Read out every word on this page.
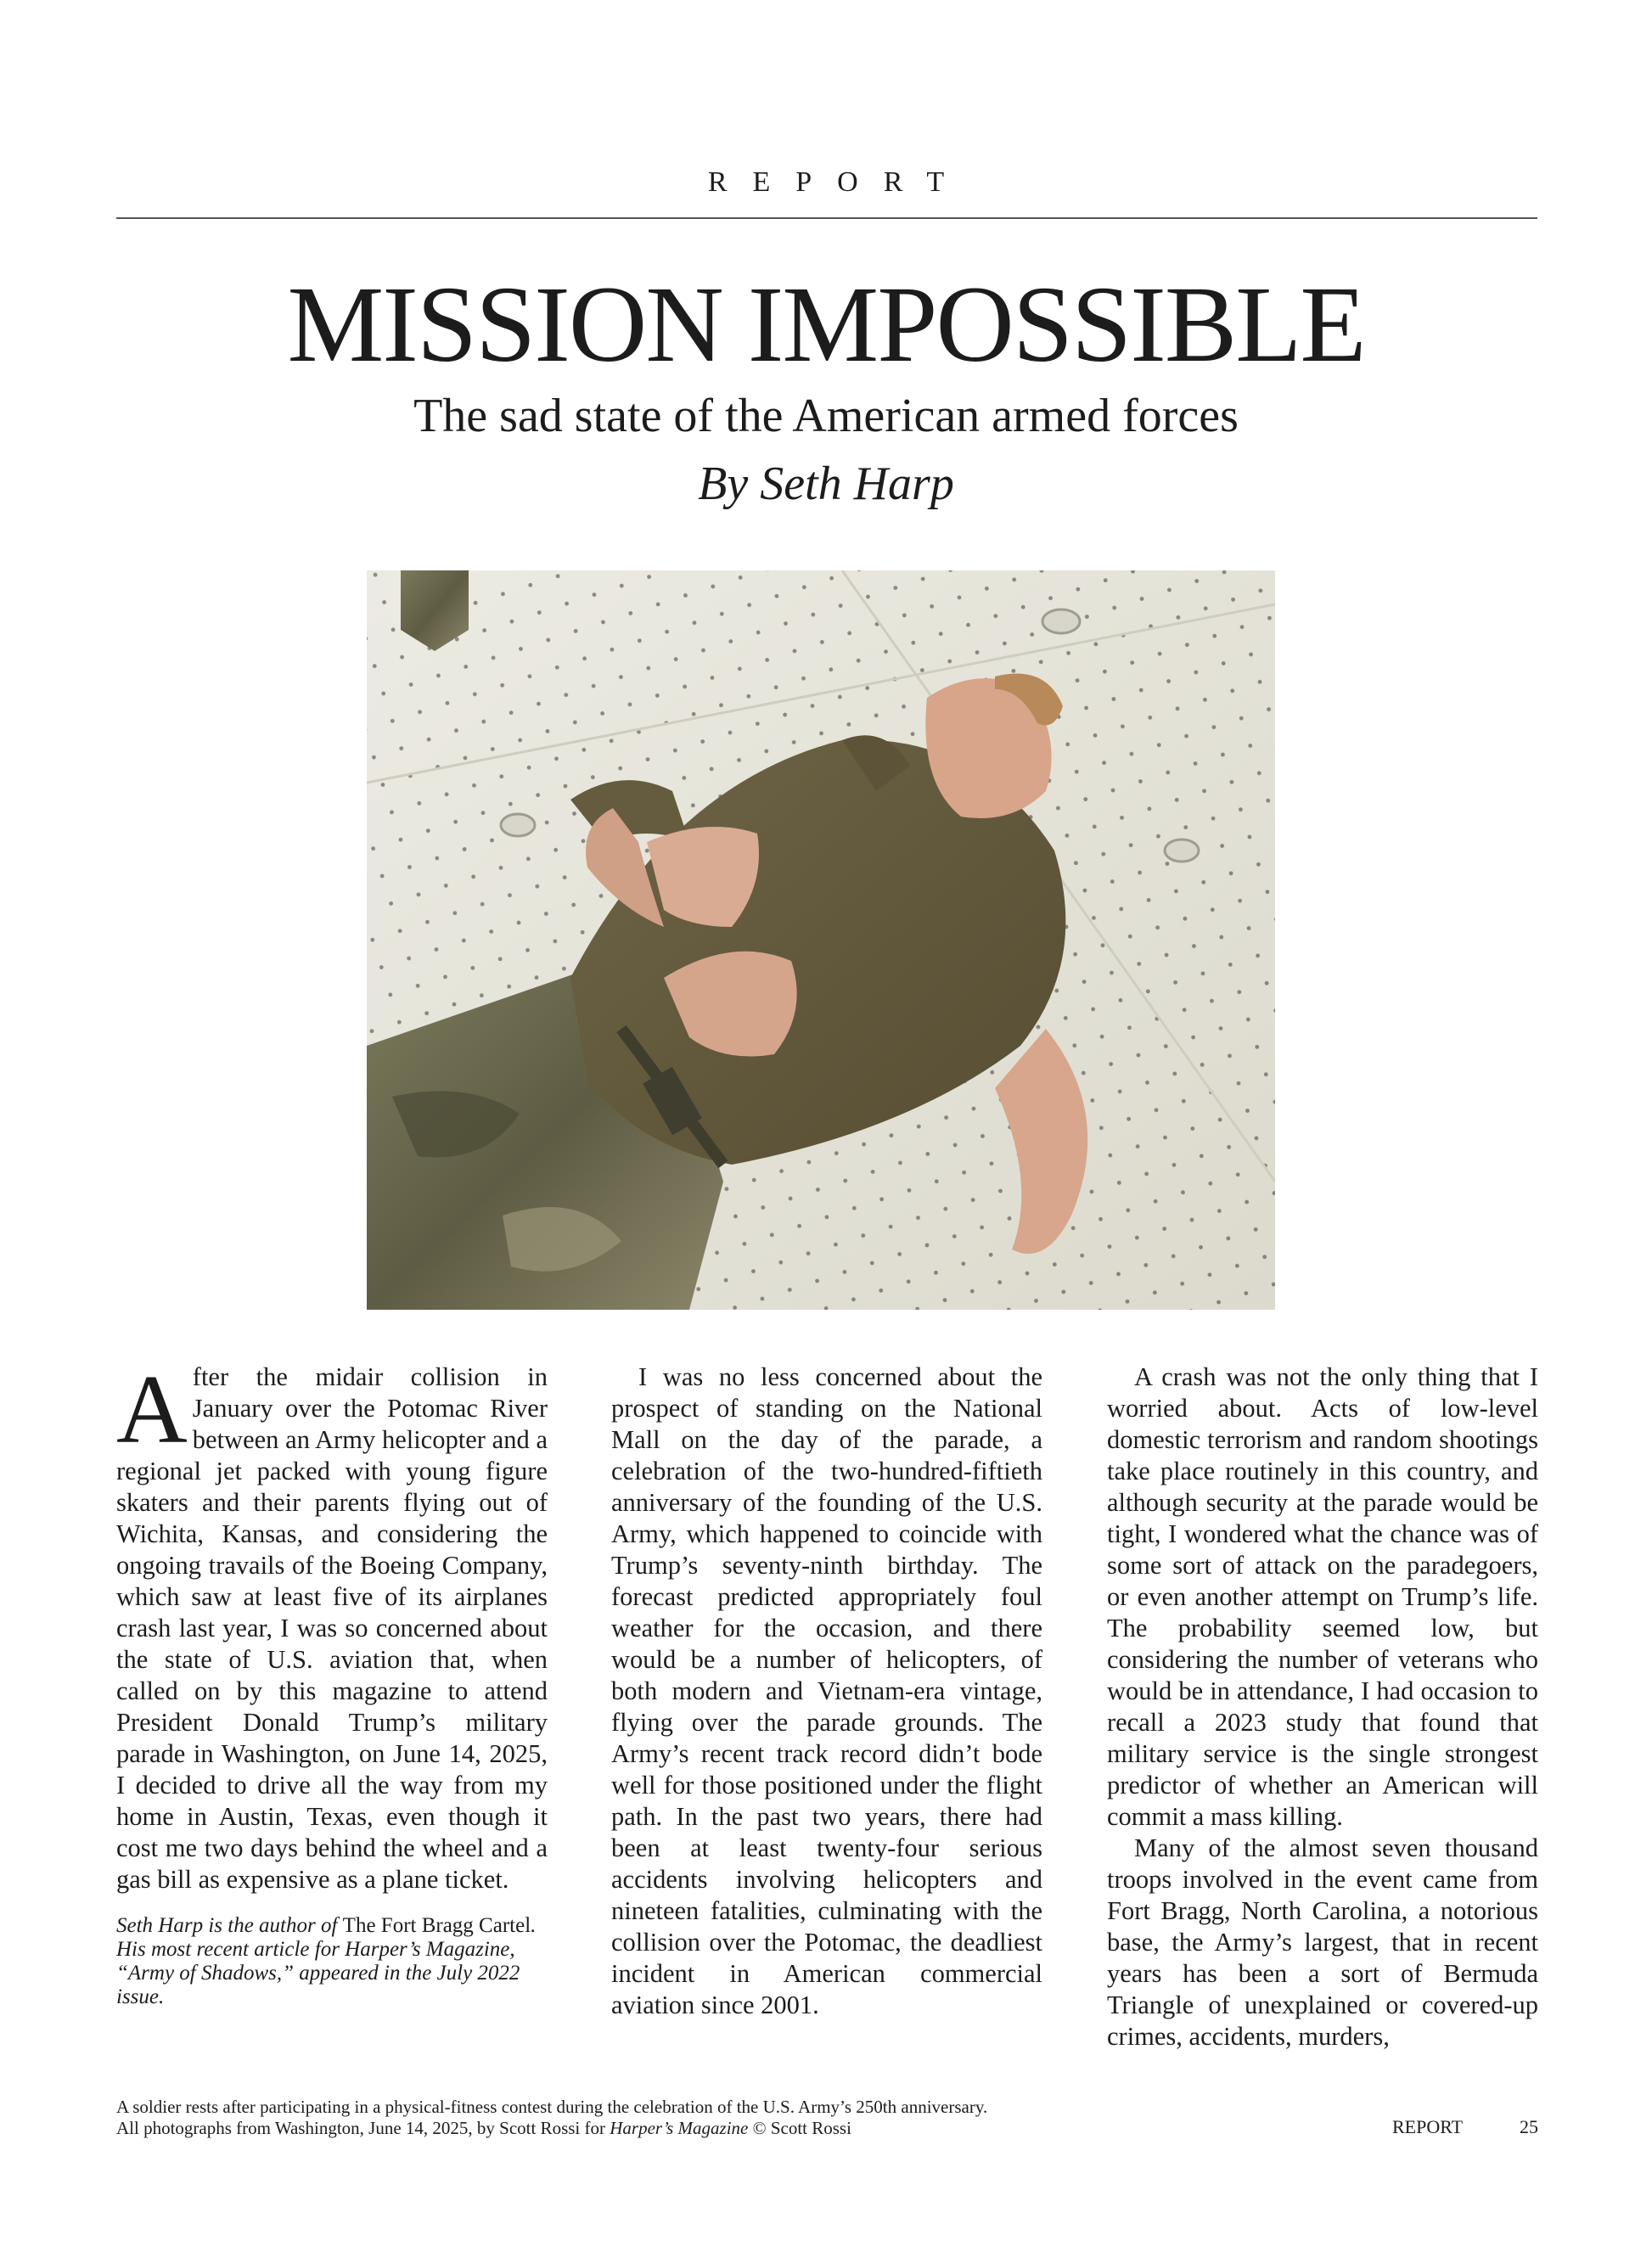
REPORT
MISSION IMPOSSIBLE
The sad state of the American armed forces
By Seth Harp

After the midair collision in January over the Potomac River between an Army helicopter and a regional jet packed with young figure skaters and their parents flying out of Wichita, Kansas, and considering the ongoing travails of the Boeing Company, which saw at least five of its airplanes crash last year, I was so concerned about the state of U.S. aviation that, when called on by this magazine to attend President Donald Trump’s military parade in Washington, on June 14, 2025, I decided to drive all the way from my home in Austin, Texas, even though it cost me two days behind the wheel and a gas bill as expensive as a plane ticket.

Seth Harp is the author of The Fort Bragg Cartel. His most recent article for Harper’s Magazine, “Army of Shadows,” appeared in the July 2022 issue.

I was no less concerned about the prospect of standing on the National Mall on the day of the parade, a celebration of the two-hundred-fiftieth anniversary of the founding of the U.S. Army, which happened to coincide with Trump’s seventy-ninth birthday. The forecast predicted appropriately foul weather for the occasion, and there would be a number of helicopters, of both modern and Vietnam-era vintage, flying over the parade grounds. The Army’s recent track record didn’t bode well for those positioned under the flight path. In the past two years, there had been at least twenty-four serious accidents involving helicopters and nineteen fatalities, culminating with the collision over the Potomac, the deadliest incident in American commercial aviation since 2001.

A crash was not the only thing that I worried about. Acts of low-level domestic terrorism and random shootings take place routinely in this country, and although security at the parade would be tight, I wondered what the chance was of some sort of attack on the paradegoers, or even another attempt on Trump’s life. The probability seemed low, but considering the number of veterans who would be in attendance, I had occasion to recall a 2023 study that found that military service is the single strongest predictor of whether an American will commit a mass killing.

Many of the almost seven thousand troops involved in the event came from Fort Bragg, North Carolina, a notorious base, the Army’s largest, that in recent years has been a sort of Bermuda Triangle of unexplained or covered-up crimes, accidents, murders,

A soldier rests after participating in a physical-fitness contest during the celebration of the U.S. Army’s 250th anniversary.
All photographs from Washington, June 14, 2025, by Scott Rossi for Harper’s Magazine © Scott Rossi	REPORT	25
